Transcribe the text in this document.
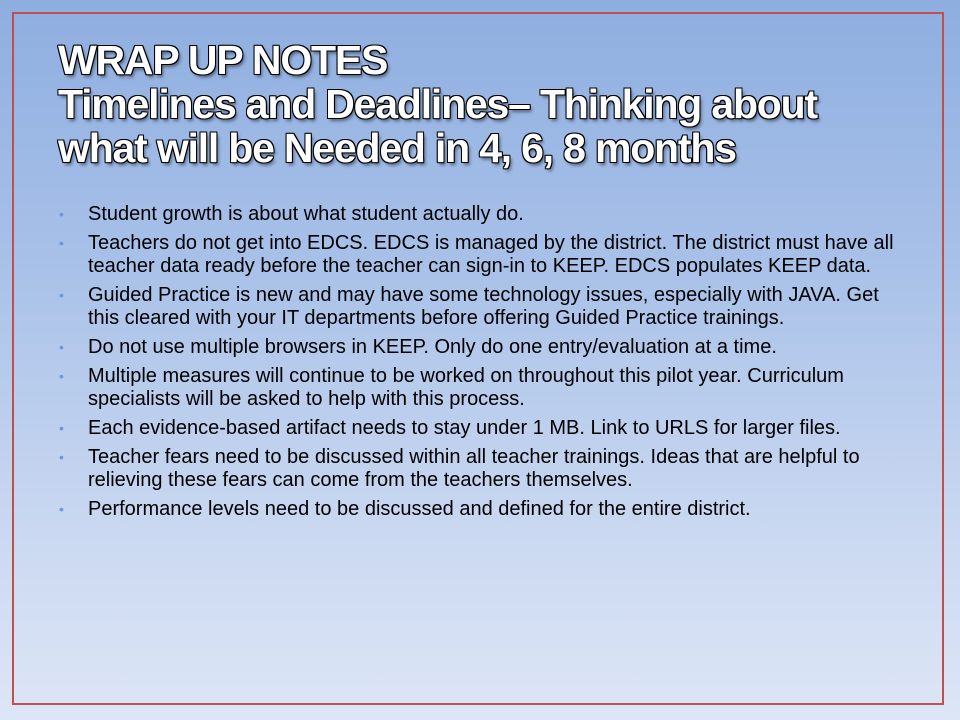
WRAP UP NOTES
Timelines and Deadlines– Thinking about
what will be Needed in 4, 6, 8 months
• Student growth is about what student actually do.
• Teachers do not get into EDCS. EDCS is managed by the district. The district must have all teacher data ready before the teacher can sign-in to KEEP. EDCS populates KEEP data.
• Guided Practice is new and may have some technology issues, especially with JAVA. Get this cleared with your IT departments before offering Guided Practice trainings.
• Do not use multiple browsers in KEEP. Only do one entry/evaluation at a time.
• Multiple measures will continue to be worked on throughout this pilot year. Curriculum specialists will be asked to help with this process.
• Each evidence-based artifact needs to stay under 1 MB. Link to URLS for larger files.
• Teacher fears need to be discussed within all teacher trainings. Ideas that are helpful to relieving these fears can come from the teachers themselves.
• Performance levels need to be discussed and defined for the entire district.
